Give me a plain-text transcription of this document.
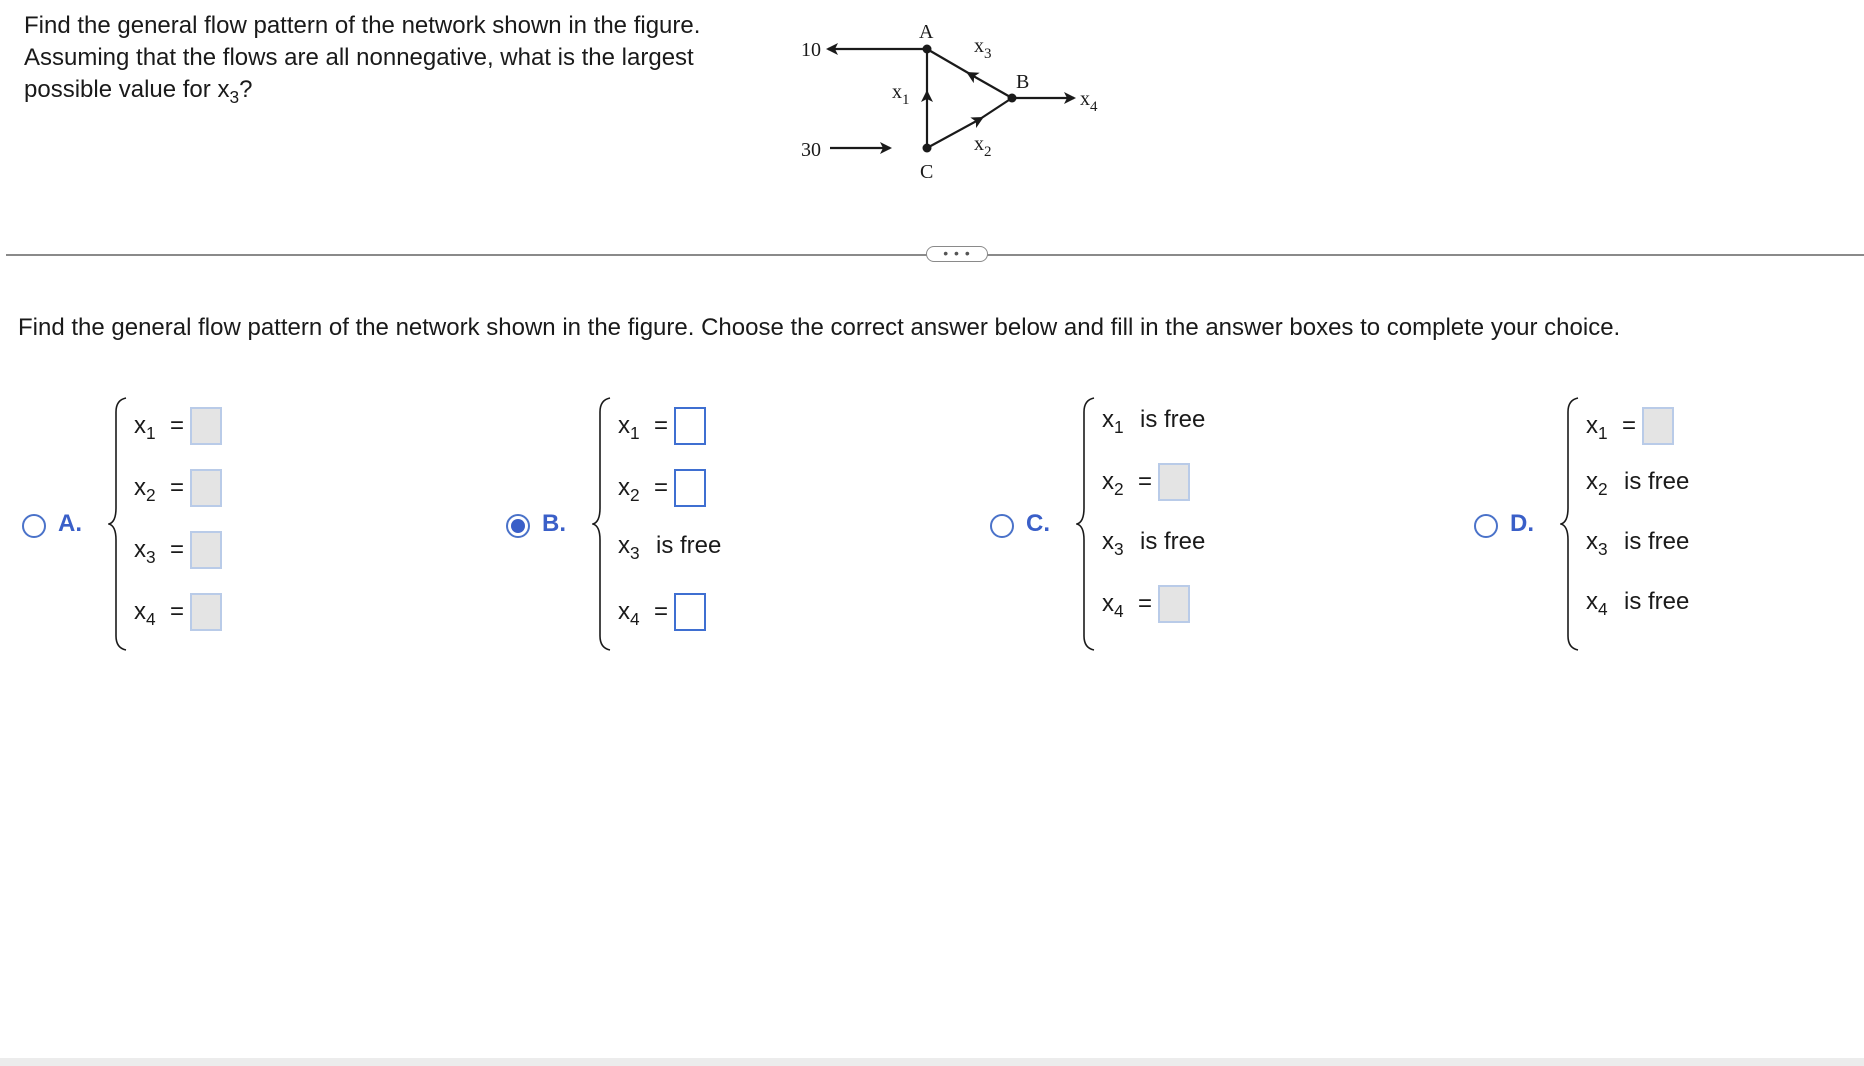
Find the general flow pattern of the network shown in the figure.
Assuming that the flows are all nonnegative, what is the largest
possible value for $x_3$?
A
B
C
10
30
$x_1$
$x_2$
$x_3$
$x_4$
• • •
Find the general flow pattern of the network shown in the figure. Choose the correct answer below and fill in the answer boxes to complete your choice.
A.
$x_1$ =
$x_2$ =
$x_3$ =
$x_4$ =
B.
$x_1$ =
$x_2$ =
$x_3$ is free
$x_4$ =
C.
$x_1$ is free
$x_2$ =
$x_3$ is free
$x_4$ =
D.
$x_1$ =
$x_2$ is free
$x_3$ is free
$x_4$ is free
